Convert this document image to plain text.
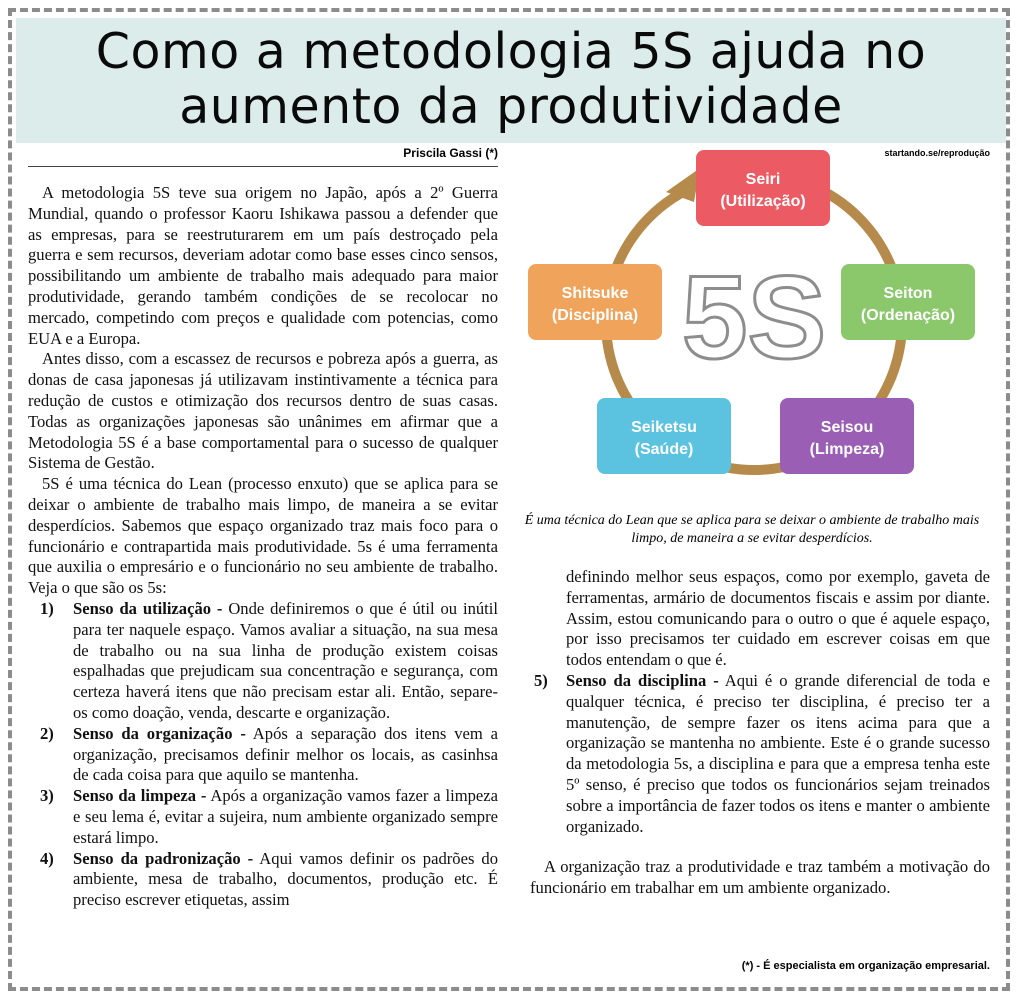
Como a metodologia 5S ajuda no
aumento da produtividade
Priscila Gassi (*)	startando.se/reprodução

A metodologia 5S teve sua origem no Japão, após a 2º Guerra Mundial, quando o professor Kaoru Ishikawa passou a defender que as empresas, para se reestruturarem em um país destroçado pela guerra e sem recursos, deveriam adotar como base esses cinco sensos, possibilitando um ambiente de trabalho mais adequado para maior produtividade, gerando também condições de se recolocar no mercado, competindo com preços e qualidade com potencias, como EUA e a Europa.

Antes disso, com a escassez de recursos e pobreza após a guerra, as donas de casa japonesas já utilizavam instintivamente a técnica para redução de custos e otimização dos recursos dentro de suas casas. Todas as organizações japonesas são unânimes em afirmar que a Metodologia 5S é a base comportamental para o sucesso de qualquer Sistema de Gestão.

5S é uma técnica do Lean (processo enxuto) que se aplica para se deixar o ambiente de trabalho mais limpo, de maneira a se evitar desperdícios. Sabemos que espaço organizado traz mais foco para o funcionário e contrapartida mais produtividade. 5s é uma ferramenta que auxilia o empresário e o funcionário no seu ambiente de trabalho. Veja o que são os 5s:

1) Senso da utilização - Onde definiremos o que é útil ou inútil para ter naquele espaço. Vamos avaliar a situação, na sua mesa de trabalho ou na sua linha de produção existem coisas espalhadas que prejudicam sua concentração e segurança, com certeza haverá itens que não precisam estar ali. Então, separe-os como doação, venda, descarte e organização.
2) Senso da organização - Após a separação dos itens vem a organização, precisamos definir melhor os locais, as casinhsa de cada coisa para que aquilo se mantenha.
3) Senso da limpeza - Após a organização vamos fazer a limpeza e seu lema é, evitar a sujeira, num ambiente organizado sempre estará limpo.
4) Senso da padronização - Aqui vamos definir os padrões do ambiente, mesa de trabalho, documentos, produção etc. É preciso escrever etiquetas, assim
5S
Seiri
(Utilização)
Seiton
(Ordenação)
Seisou
(Limpeza)
Seiketsu
(Saúde)
Shitsuke
(Disciplina)
É uma técnica do Lean que se aplica para se deixar o ambiente de trabalho mais limpo, de maneira a se evitar desperdícios.
definindo melhor seus espaços, como por exemplo, gaveta de ferramentas, armário de documentos fiscais e assim por diante. Assim, estou comunicando para o outro o que é aquele espaço, por isso precisamos ter cuidado em escrever coisas em que todos entendam o que é.
5) Senso da disciplina - Aqui é o grande diferencial de toda e qualquer técnica, é preciso ter disciplina, é preciso ter a manutenção, de sempre fazer os itens acima para que a organização se mantenha no ambiente. Este é o grande sucesso da metodologia 5s, a disciplina e para que a empresa tenha este 5º senso, é preciso que todos os funcionários sejam treinados sobre a importância de fazer todos os itens e manter o ambiente organizado.

A organização traz a produtividade e traz também a motivação do funcionário em trabalhar em um ambiente organizado.

(*) - É especialista em organização empresarial.
